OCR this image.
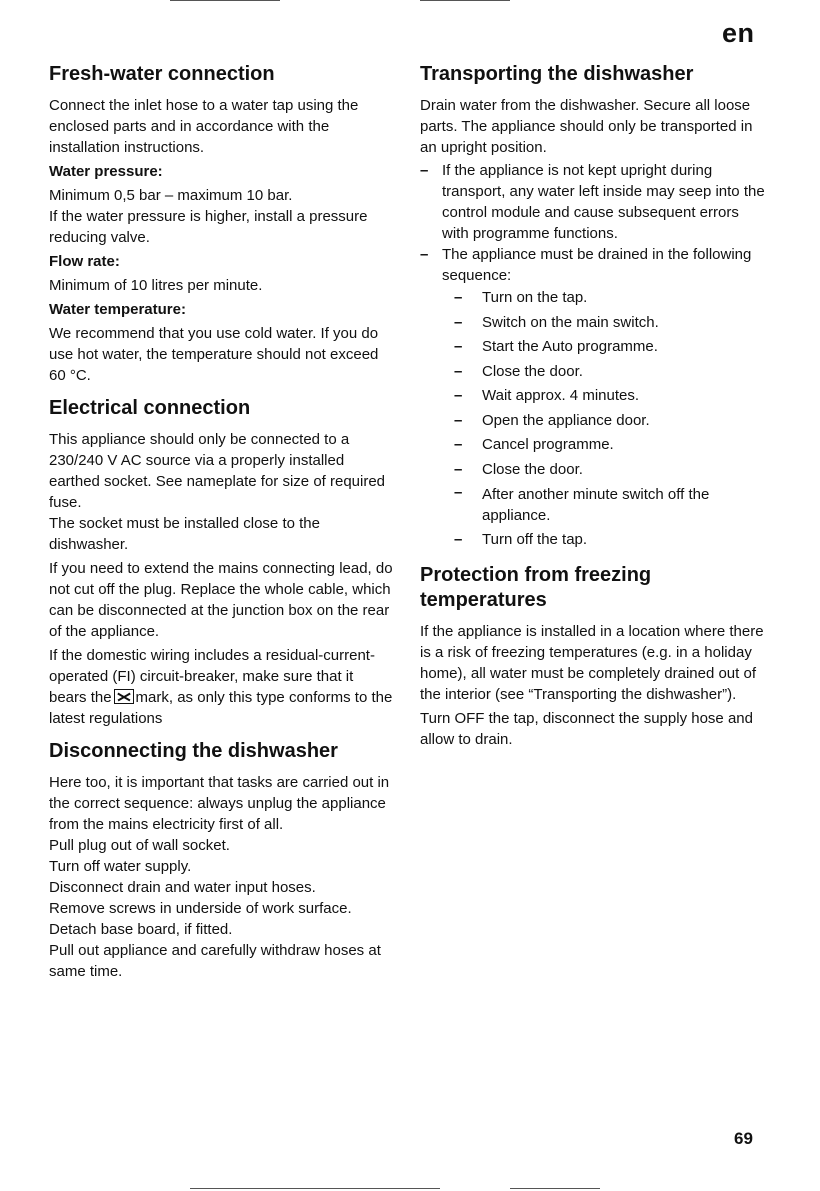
en
Fresh-water connection

Connect the inlet hose to a water tap using the enclosed parts and in accordance with the installation instructions.

Water pressure:

Minimum 0,5 bar – maximum 10 bar.

If the water pressure is higher, install a pressure reducing valve.

Flow rate:

Minimum of 10 litres per minute.

Water temperature:

We recommend that you use cold water. If you do use hot water, the temperature should not exceed 60 °C.

Electrical connection

This appliance should only be connected to a 230/240 V AC source via a properly installed earthed socket. See nameplate for size of required fuse.

The socket must be installed close to the dishwasher.

If you need to extend the mains connecting lead, do not cut off the plug. Replace the whole cable, which can be disconnected at the junction box on the rear of the appliance.

If the domestic wiring includes a residual-current-operated (FI) circuit-breaker, make sure that it bears the mark, as only this type conforms to the latest regulations

Disconnecting the dishwasher

Here too, it is important that tasks are carried out in the correct sequence: always unplug the appliance from the mains electricity first of all.

Pull plug out of wall socket.

Turn off water supply.

Disconnect drain and water input hoses.

Remove screws in underside of work surface. Detach base board, if fitted.

Pull out appliance and carefully withdraw hoses at same time.

Transporting the dishwasher

Drain water from the dishwasher. Secure all loose parts. The appliance should only be transported in an upright position.

– If the appliance is not kept upright during transport, any water left inside may seep into the control module and cause subsequent errors with programme functions.
– The appliance must be drained in the following sequence:
– Turn on the tap.
– Switch on the main switch.
– Start the Auto programme.
– Close the door.
– Wait approx. 4 minutes.
– Open the appliance door.
– Cancel programme.
– Close the door.
– After another minute switch off the appliance.
– Turn off the tap.
Protection from freezing temperatures

If the appliance is installed in a location where there is a risk of freezing temperatures (e.g. in a holiday home), all water must be completely drained out of the interior (see “Transporting the dishwasher”).

Turn OFF the tap, disconnect the supply hose and allow to drain.

69
